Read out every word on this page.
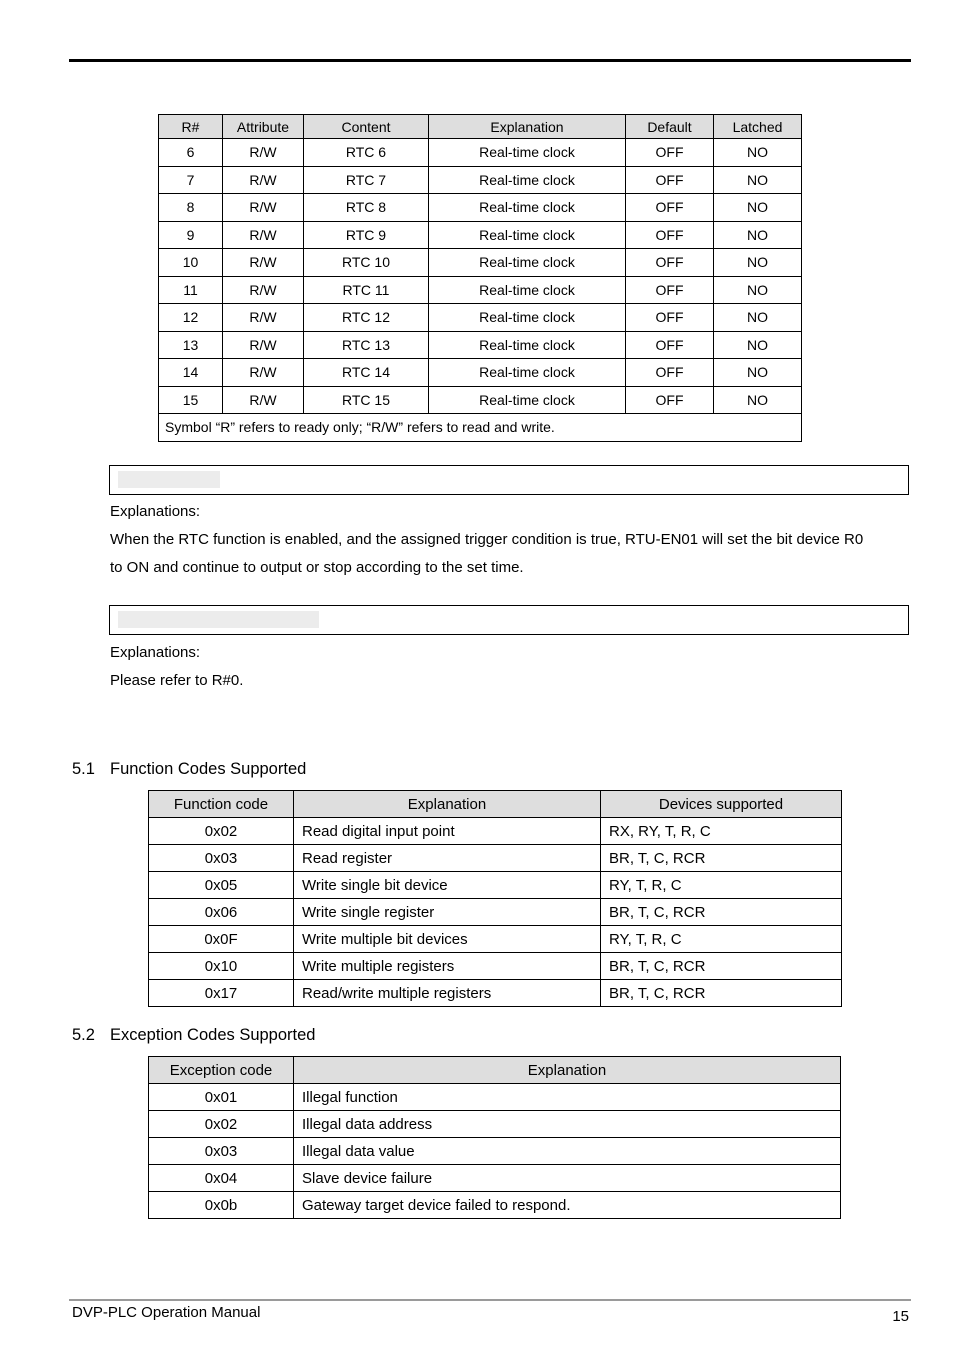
R#	Attribute	Content	Explanation	Default	Latched
6	R/W	RTC 6	Real-time clock	OFF	NO
7	R/W	RTC 7	Real-time clock	OFF	NO
8	R/W	RTC 8	Real-time clock	OFF	NO
9	R/W	RTC 9	Real-time clock	OFF	NO
10	R/W	RTC 10	Real-time clock	OFF	NO
11	R/W	RTC 11	Real-time clock	OFF	NO
12	R/W	RTC 12	Real-time clock	OFF	NO
13	R/W	RTC 13	Real-time clock	OFF	NO
14	R/W	RTC 14	Real-time clock	OFF	NO
15	R/W	RTC 15	Real-time clock	OFF	NO
Symbol “R” refers to ready only; “R/W” refers to read and write.					

Explanations:

When the RTC function is enabled, and the assigned trigger condition is true, RTU-EN01 will set the bit device R0

to ON and continue to output or stop according to the set time.

Explanations:

Please refer to R#0.

5.1 Function Codes Supported
Function code	Explanation	Devices supported
0x02	Read digital input point	RX, RY, T, R, C
0x03	Read register	BR, T, C, RCR
0x05	Write single bit device	RY, T, R, C
0x06	Write single register	BR, T, C, RCR
0x0F	Write multiple bit devices	RY, T, R, C
0x10	Write multiple registers	BR, T, C, RCR
0x17	Read/write multiple registers	BR, T, C, RCR
5.2 Exception Codes Supported
Exception code	Explanation
0x01	Illegal function
0x02	Illegal data address
0x03	Illegal data value
0x04	Slave device failure
0x0b	Gateway target device failed to respond.
DVP-PLC Operation Manual	15
